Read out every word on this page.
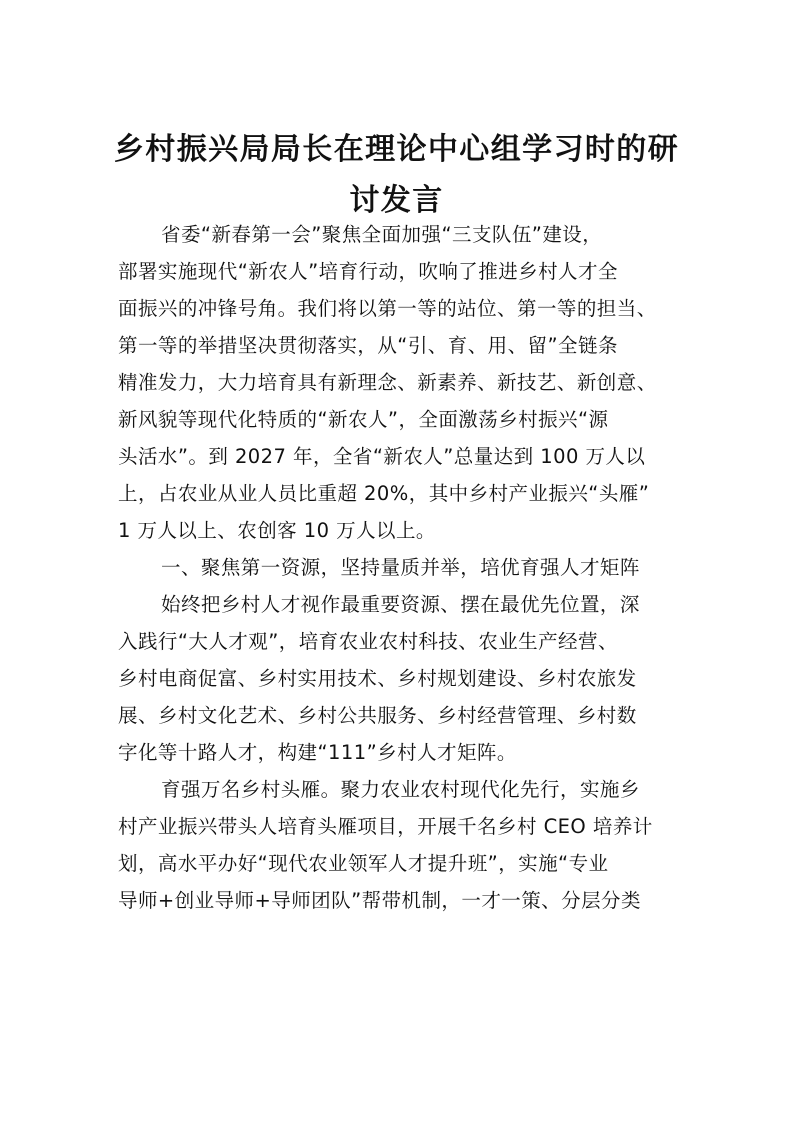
乡村振兴局局长在理论中心组学习时的研
讨发言
省委“新春第一会”聚焦全面加强“三支队伍”建设，
部署实施现代“新农人”培育行动，吹响了推进乡村人才全
面振兴的冲锋号角。我们将以第一等的站位、第一等的担当、
第一等的举措坚决贯彻落实，从“引、育、用、留”全链条
精准发力，大力培育具有新理念、新素养、新技艺、新创意、
新风貌等现代化特质的“新农人”，全面激荡乡村振兴“源
头活水”。到 2027 年，全省“新农人”总量达到 100 万人以
上，占农业从业人员比重超 20%，其中乡村产业振兴“头雁”
1 万人以上、农创客 10 万人以上。
一、聚焦第一资源，坚持量质并举，培优育强人才矩阵
始终把乡村人才视作最重要资源、摆在最优先位置，深
入践行“大人才观”，培育农业农村科技、农业生产经营、
乡村电商促富、乡村实用技术、乡村规划建设、乡村农旅发
展、乡村文化艺术、乡村公共服务、乡村经营管理、乡村数
字化等十路人才，构建“111”乡村人才矩阵。
育强万名乡村头雁。聚力农业农村现代化先行，实施乡
村产业振兴带头人培育头雁项目，开展千名乡村 CEO 培养计
划，高水平办好“现代农业领军人才提升班”，实施“专业
导师+创业导师+导师团队”帮带机制，一才一策、分层分类
